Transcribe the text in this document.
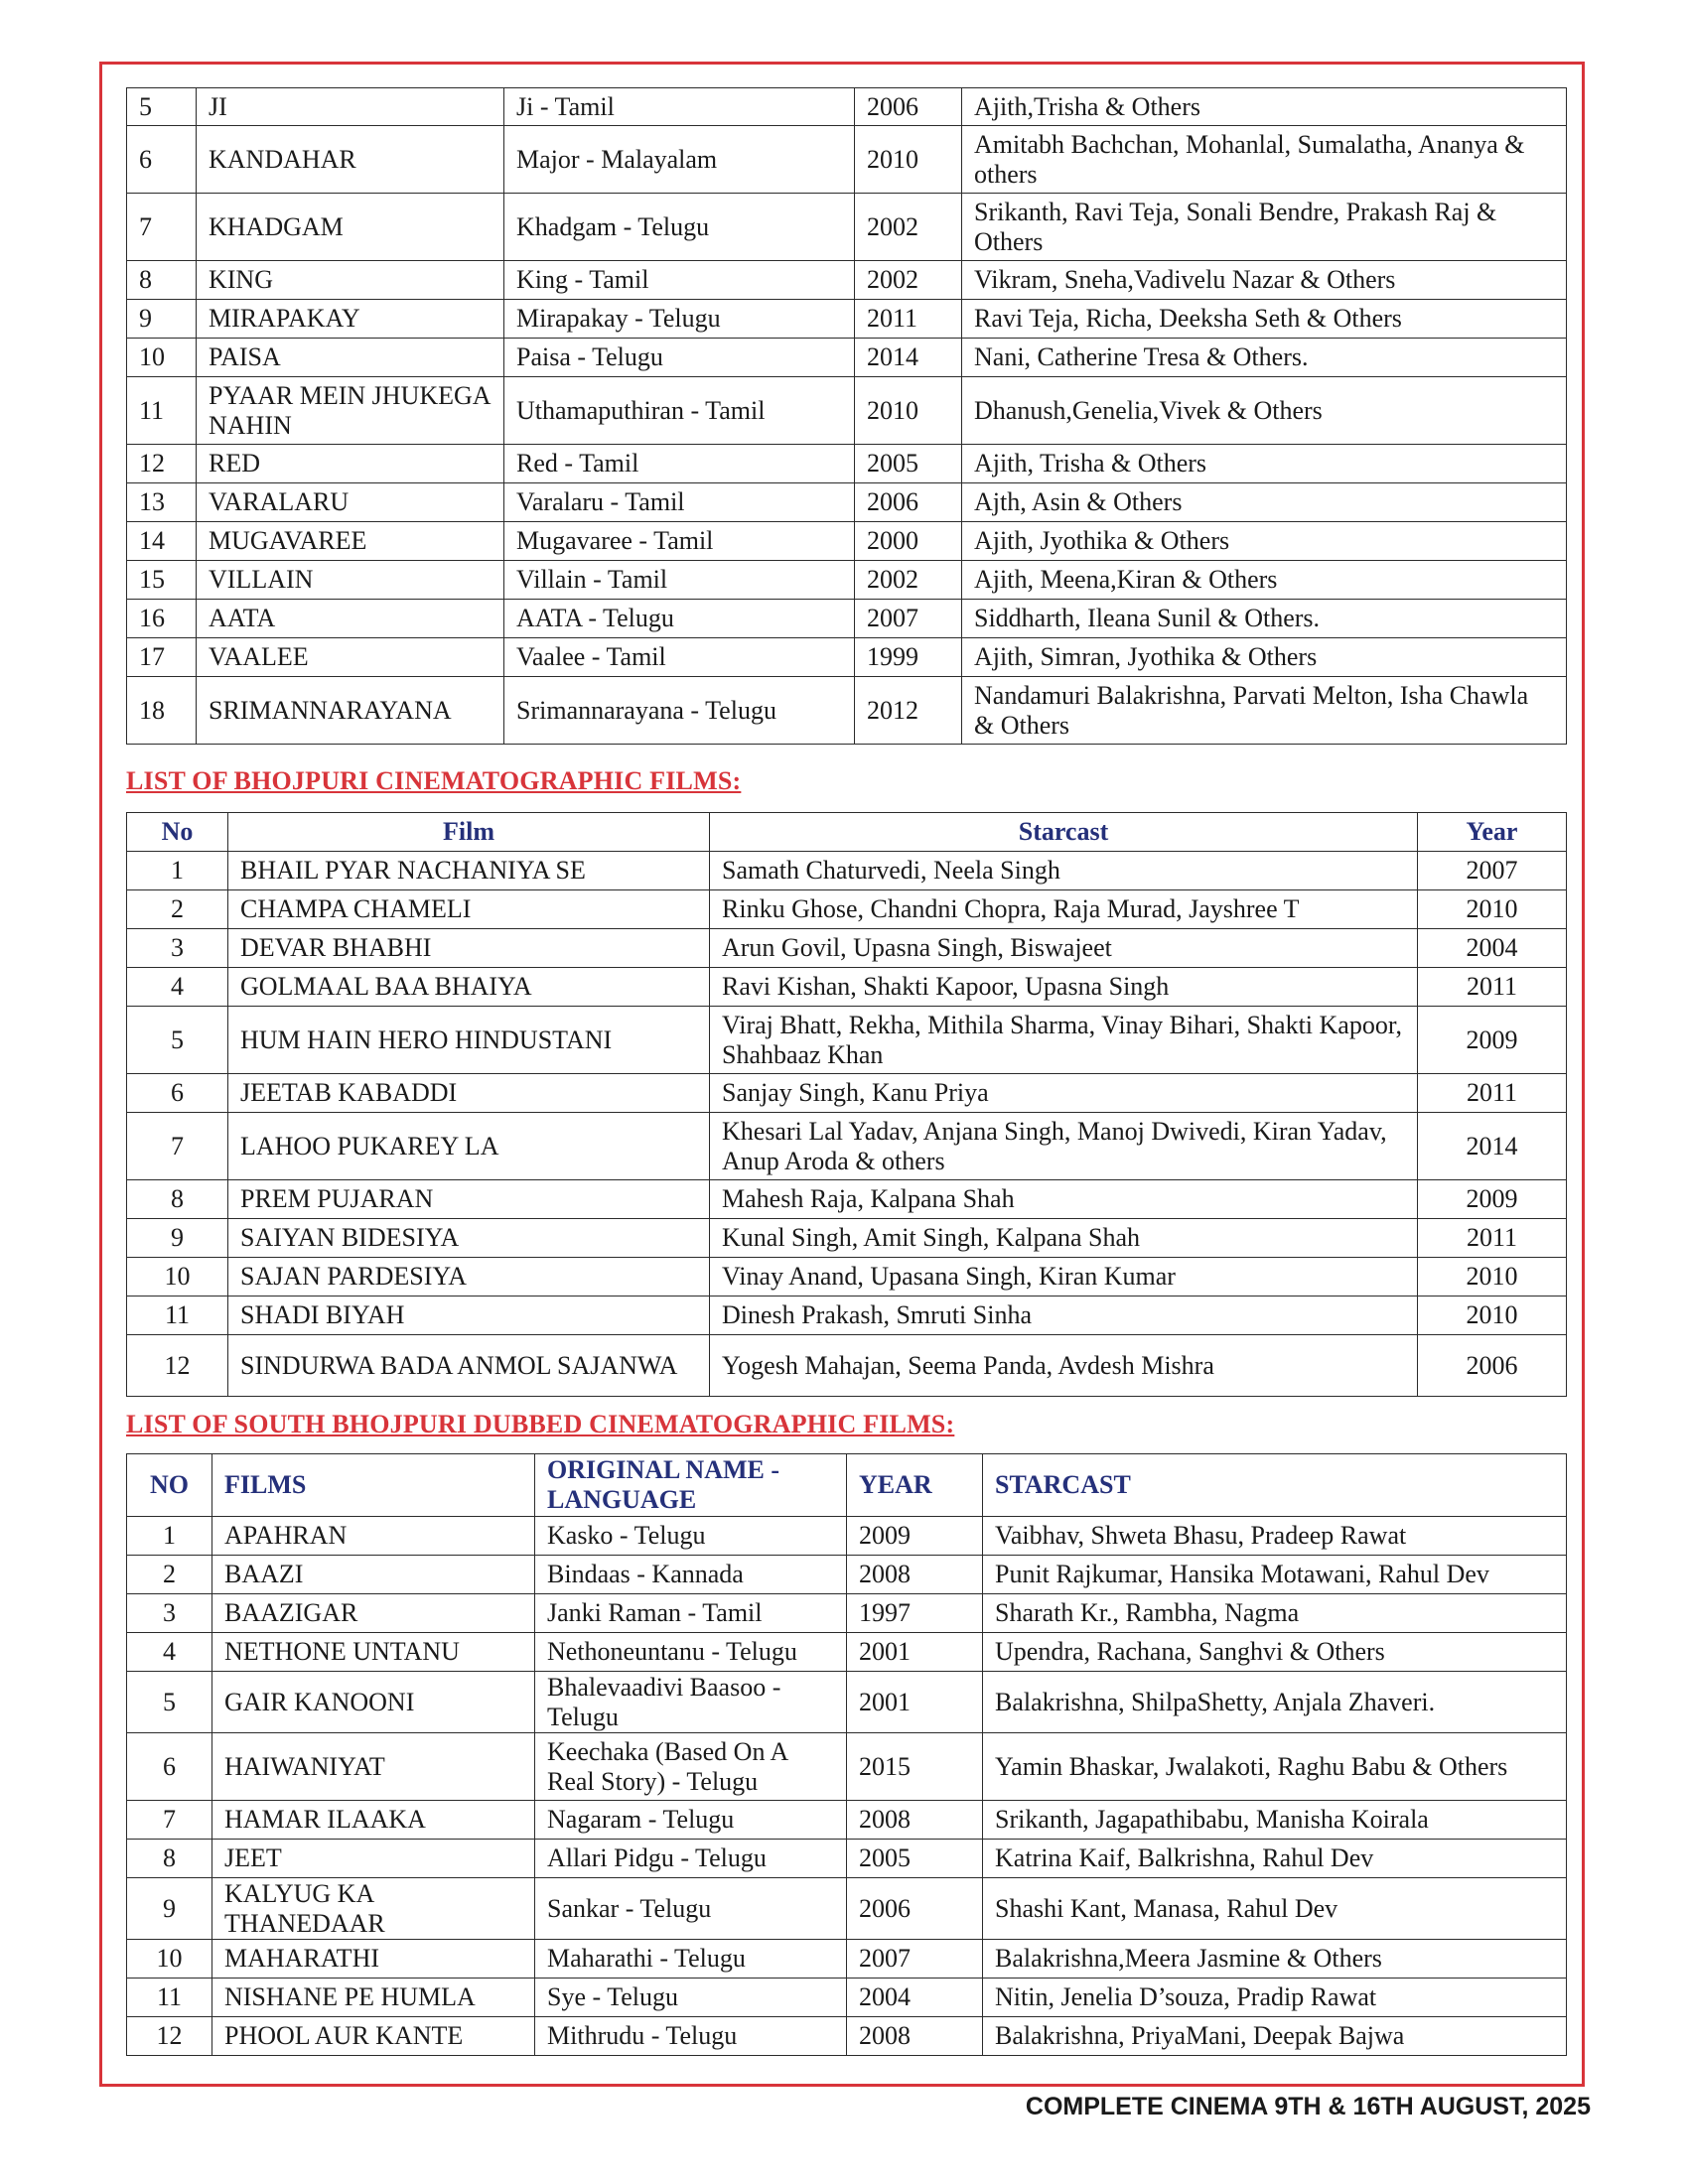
5	JI	Ji - Tamil	2006	Ajith,Trisha & Others
6	KANDAHAR	Major - Malayalam	2010	Amitabh Bachchan, Mohanlal, Sumalatha, Ananya & others
7	KHADGAM	Khadgam - Telugu	2002	Srikanth, Ravi Teja, Sonali Bendre, Prakash Raj & Others
8	KING	King - Tamil	2002	Vikram, Sneha,Vadivelu Nazar & Others
9	MIRAPAKAY	Mirapakay - Telugu	2011	Ravi Teja, Richa, Deeksha Seth & Others
10	PAISA	Paisa - Telugu	2014	Nani, Catherine Tresa & Others.
11	PYAAR MEIN JHUKEGA NAHIN	Uthamaputhiran - Tamil	2010	Dhanush,Genelia,Vivek & Others
12	RED	Red - Tamil	2005	Ajith, Trisha & Others
13	VARALARU	Varalaru - Tamil	2006	Ajth, Asin & Others
14	MUGAVAREE	Mugavaree - Tamil	2000	Ajith, Jyothika & Others
15	VILLAIN	Villain - Tamil	2002	Ajith, Meena,Kiran & Others
16	AATA	AATA - Telugu	2007	Siddharth, Ileana Sunil & Others.
17	VAALEE	Vaalee - Tamil	1999	Ajith, Simran, Jyothika & Others
18	SRIMANNARAYANA	Srimannarayana - Telugu	2012	Nandamuri Balakrishna, Parvati Melton, Isha Chawla & Others
LIST OF BHOJPURI CINEMATOGRAPHIC FILMS:
No	Film	Starcast	Year
1	BHAIL PYAR NACHANIYA SE	Samath Chaturvedi, Neela Singh	2007
2	CHAMPA CHAMELI	Rinku Ghose, Chandni Chopra, Raja Murad, Jayshree T	2010
3	DEVAR BHABHI	Arun Govil, Upasna Singh, Biswajeet	2004
4	GOLMAAL BAA BHAIYA	Ravi Kishan, Shakti Kapoor, Upasna Singh	2011
5	HUM HAIN HERO HINDUSTANI	Viraj Bhatt, Rekha, Mithila Sharma, Vinay Bihari, Shakti Kapoor, Shahbaaz Khan	2009
6	JEETAB KABADDI	Sanjay Singh, Kanu Priya	2011
7	LAHOO PUKAREY LA	Khesari Lal Yadav, Anjana Singh, Manoj Dwivedi, Kiran Yadav, Anup Aroda & others	2014
8	PREM PUJARAN	Mahesh Raja, Kalpana Shah	2009
9	SAIYAN BIDESIYA	Kunal Singh, Amit Singh, Kalpana Shah	2011
10	SAJAN PARDESIYA	Vinay Anand, Upasana Singh, Kiran Kumar	2010
11	SHADI BIYAH	Dinesh Prakash, Smruti Sinha	2010
12	SINDURWA BADA ANMOL SAJANWA	Yogesh Mahajan, Seema Panda, Avdesh Mishra	2006
LIST OF SOUTH BHOJPURI DUBBED CINEMATOGRAPHIC FILMS:
NO	FILMS	ORIGINAL NAME - LANGUAGE	YEAR	STARCAST
1	APAHRAN	Kasko - Telugu	2009	Vaibhav, Shweta Bhasu, Pradeep Rawat
2	BAAZI	Bindaas - Kannada	2008	Punit Rajkumar, Hansika Motawani, Rahul Dev
3	BAAZIGAR	Janki Raman - Tamil	1997	Sharath Kr., Rambha, Nagma
4	NETHONE UNTANU	Nethoneuntanu - Telugu	2001	Upendra, Rachana, Sanghvi & Others
5	GAIR KANOONI	Bhalevaadivi Baasoo - Telugu	2001	Balakrishna, ShilpaShetty, Anjala Zhaveri.
6	HAIWANIYAT	Keechaka (Based On A Real Story) - Telugu	2015	Yamin Bhaskar, Jwalakoti, Raghu Babu & Others
7	HAMAR ILAAKA	Nagaram - Telugu	2008	Srikanth, Jagapathibabu, Manisha Koirala
8	JEET	Allari Pidgu - Telugu	2005	Katrina Kaif, Balkrishna, Rahul Dev
9	KALYUG KA THANEDAAR	Sankar - Telugu	2006	Shashi Kant, Manasa, Rahul Dev
10	MAHARATHI	Maharathi - Telugu	2007	Balakrishna,Meera Jasmine & Others
11	NISHANE PE HUMLA	Sye - Telugu	2004	Nitin, Jenelia D’souza, Pradip Rawat
12	PHOOL AUR KANTE	Mithrudu - Telugu	2008	Balakrishna, PriyaMani, Deepak Bajwa
COMPLETE CINEMA 9TH & 16TH AUGUST, 2025
